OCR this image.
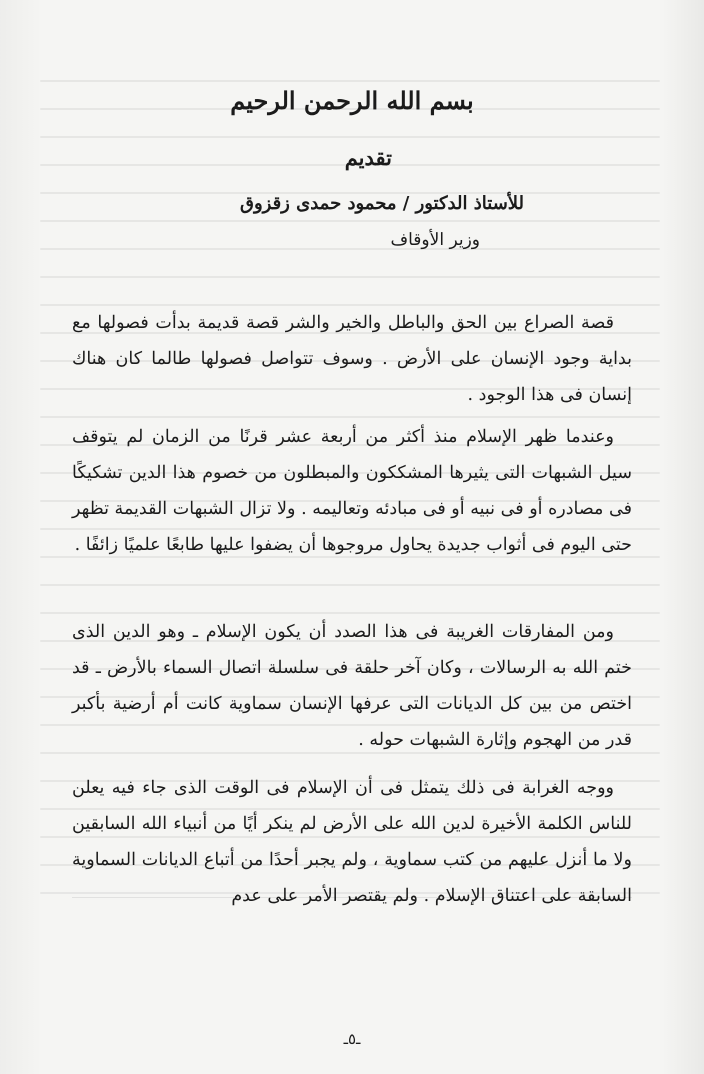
بسم الله الرحمن الرحيم
تقديم
للأستاذ الدكتور / محمود حمدى زقزوق
وزير الأوقاف
قصة الصراع بين الحق والباطل والخير والشر قصة قديمة بدأت فصولها مع بداية وجود الإنسان على الأرض . وسوف تتواصل فصولها طالما كان هناك إنسان فى هذا الوجود .
وعندما ظهر الإسلام منذ أكثر من أربعة عشر قرنًا من الزمان لم يتوقف سيل الشبهات التى يثيرها المشككون والمبطلون من خصوم هذا الدين تشكيكًا فى مصادره أو فى نبيه أو فى مبادئه وتعاليمه . ولا تزال الشبهات القديمة تظهر حتى اليوم فى أثواب جديدة يحاول مروجوها أن يضفوا عليها طابعًا علميًا زائفًا .
ومن المفارقات الغريبة فى هذا الصدد أن يكون الإسلام ـ وهو الدين الذى ختم الله به الرسالات ، وكان آخر حلقة فى سلسلة اتصال السماء بالأرض ـ قد اختص من بين كل الديانات التى عرفها الإنسان سماوية كانت أم أرضية بأكبر قدر من الهجوم وإثارة الشبهات حوله .
ووجه الغرابة فى ذلك يتمثل فى أن الإسلام فى الوقت الذى جاء فيه يعلن للناس الكلمة الأخيرة لدين الله على الأرض لم ينكر أيًا من أنبياء الله السابقين ولا ما أنزل عليهم من كتب سماوية ، ولم يجبر أحدًا من أتباع الديانات السماوية السابقة على اعتناق الإسلام . ولم يقتصر الأمر على عدم
ـ٥ـ
